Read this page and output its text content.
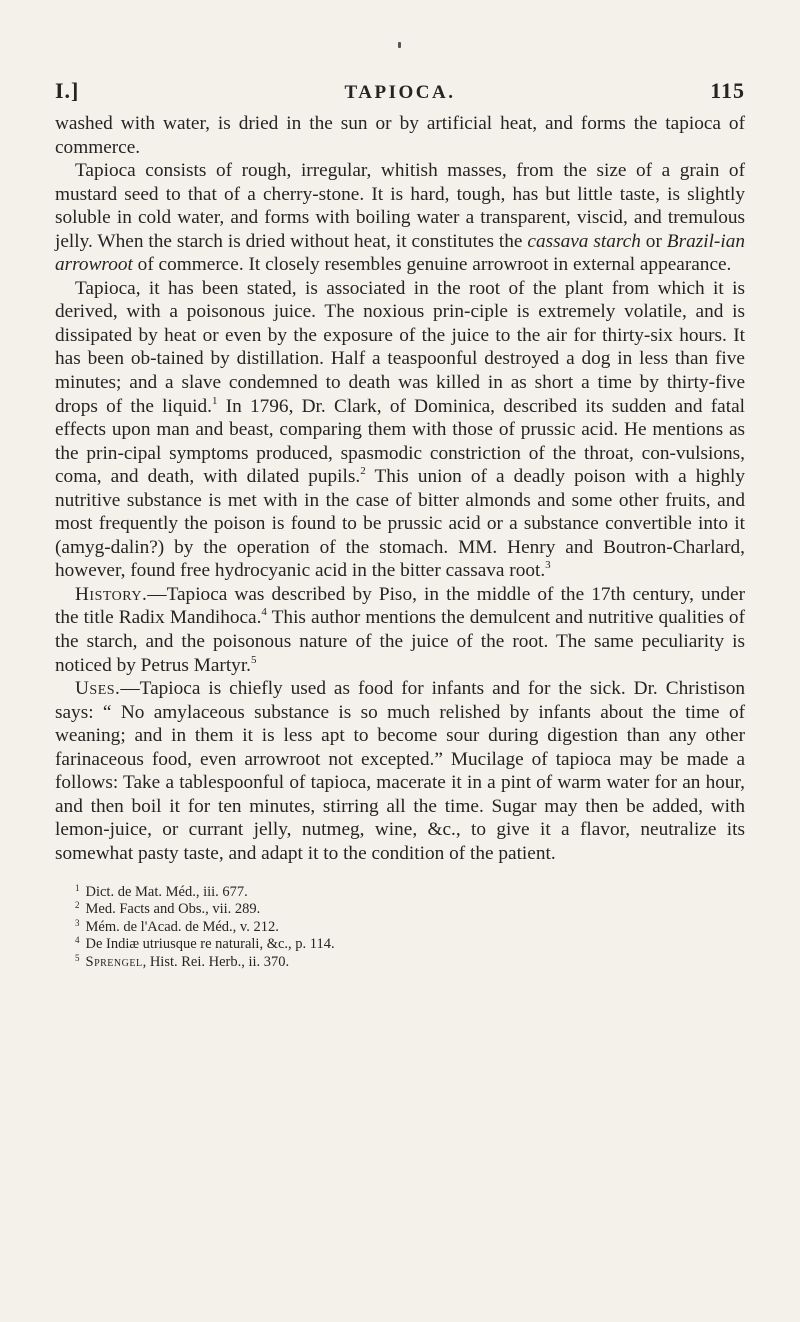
I.]	TAPIOCA.	115

washed with water, is dried in the sun or by artificial heat, and forms the tapioca of commerce.

Tapioca consists of rough, irregular, whitish masses, from the size of a grain of mustard seed to that of a cherry-stone. It is hard, tough, has but little taste, is slightly soluble in cold water, and forms with boiling water a transparent, viscid, and tremulous jelly. When the starch is dried without heat, it constitutes the cassava starch or Brazil-ian arrowroot of commerce. It closely resembles genuine arrowroot in external appearance.

Tapioca, it has been stated, is associated in the root of the plant from which it is derived, with a poisonous juice. The noxious prin-ciple is extremely volatile, and is dissipated by heat or even by the exposure of the juice to the air for thirty-six hours. It has been ob-tained by distillation. Half a teaspoonful destroyed a dog in less than five minutes; and a slave condemned to death was killed in as short a time by thirty-five drops of the liquid.$^1$ In 1796, Dr. Clark, of Dominica, described its sudden and fatal effects upon man and beast, comparing them with those of prussic acid. He mentions as the prin-cipal symptoms produced, spasmodic constriction of the throat, con-vulsions, coma, and death, with dilated pupils.$^2$ This union of a deadly poison with a highly nutritive substance is met with in the case of bitter almonds and some other fruits, and most frequently the poison is found to be prussic acid or a substance convertible into it (amyg-dalin?) by the operation of the stomach. MM. Henry and Boutron-Charlard, however, found free hydrocyanic acid in the bitter cassava root.$^3$

History.—Tapioca was described by Piso, in the middle of the 17th century, under the title Radix Mandihoca.$^4$ This author mentions the demulcent and nutritive qualities of the starch, and the poisonous nature of the juice of the root. The same peculiarity is noticed by Petrus Martyr.$^5$

Uses.—Tapioca is chiefly used as food for infants and for the sick. Dr. Christison says: “ No amylaceous substance is so much relished by infants about the time of weaning; and in them it is less apt to become sour during digestion than any other farinaceous food, even arrowroot not excepted.” Mucilage of tapioca may be made a follows: Take a tablespoonful of tapioca, macerate it in a pint of warm water for an hour, and then boil it for ten minutes, stirring all the time. Sugar may then be added, with lemon-juice, or currant jelly, nutmeg, wine, &c., to give it a flavor, neutralize its somewhat pasty taste, and adapt it to the condition of the patient.

$^1$ Dict. de Mat. Méd., iii. 677.
$^2$ Med. Facts and Obs., vii. 289.
$^3$ Mém. de l'Acad. de Méd., v. 212.
$^4$ De Indiæ utriusque re naturali, &c., p. 114.
$^5$ Sprengel, Hist. Rei. Herb., ii. 370.
